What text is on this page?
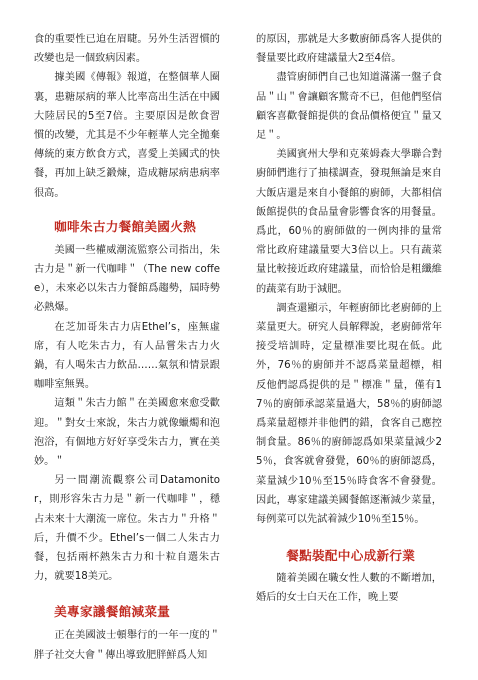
食的重要性已迫在眉睫。另外生活習慣的改變也是一個致病因素。

據美國《傳報》報道，在整個華人圈裏，患糖尿病的華人比率高出生活在中國大陸居民的5至7倍。主要原因是飲食習慣的改變，尤其是不少年輕華人完全拋棄傳統的東方飲食方式，喜愛上美國式的快餐，再加上缺乏鍛煉，造成糖尿病患病率很高。

咖啡朱古力餐館美國火熱

美國一些權威潮流監察公司指出，朱古力是＂新一代咖啡＂（The new coffee），未來必以朱古力餐館爲趨勢，屆時勢必熱爆。

在芝加哥朱古力店Ethel’s，座無虛席，有人吃朱古力，有人品嘗朱古力火鍋，有人喝朱古力飲品……氣氛和情景跟咖啡室無異。

這類＂朱古力館＂在美國愈來愈受歡迎。＂對女士來說，朱古力就像蠟燭和泡泡浴，有個地方好好享受朱古力，實在美妙。＂

另一間潮流觀察公司Datamonitor，則形容朱古力是＂新一代咖啡＂，穩占未來十大潮流一席位。朱古力＂升格＂后，升價不少。Ethel’s一個二人朱古力餐，包括兩杯熱朱古力和十粒自選朱古力，就要18美元。

美專家議餐館減菜量

正在美國波士頓舉行的一年一度的＂胖子社交大會＂傳出導致肥胖鮮爲人知

的原因，那就是大多數廚師爲客人提供的餐量要比政府建議量大2至4倍。

盡管廚師們自己也知道滿滿一盤子食品＂山＂會讓顧客驚奇不已，但他們堅信顧客喜歡餐館提供的食品價格便宜＂量又足＂。

美國賓州大學和克萊姆森大學聯合對廚師們進行了抽樣調查，發現無論是來自大飯店還是來自小餐館的廚師，大都相信飯館提供的食品量會影響食客的用餐量。爲此，60％的廚師做的一例肉排的量常常比政府建議量要大3倍以上。只有蔬菜量比較接近政府建議量，而恰恰是粗纖維的蔬菜有助于減肥。

調查還顯示，年輕廚師比老廚師的上菜量更大。研究人員解釋說，老廚師常年接受培訓時，定量標准要比現在低。此外，76％的廚師并不認爲菜量超標，相反他們認爲提供的是＂標准＂量，僅有17％的廚師承認菜量過大，58％的廚師認爲菜量超標并非他們的錯，食客自己應控制食量。86％的廚師認爲如果菜量減少25％，食客就會發覺，60％的廚師認爲，菜量減少10％至15％時食客不會發覺。因此，專家建議美國餐館逐漸減少菜量，每例菜可以先試着減少10％至15％。

餐點裝配中心成新行業

隨着美國在職女性人數的不斷增加，婚后的女士白天在工作，晚上要
